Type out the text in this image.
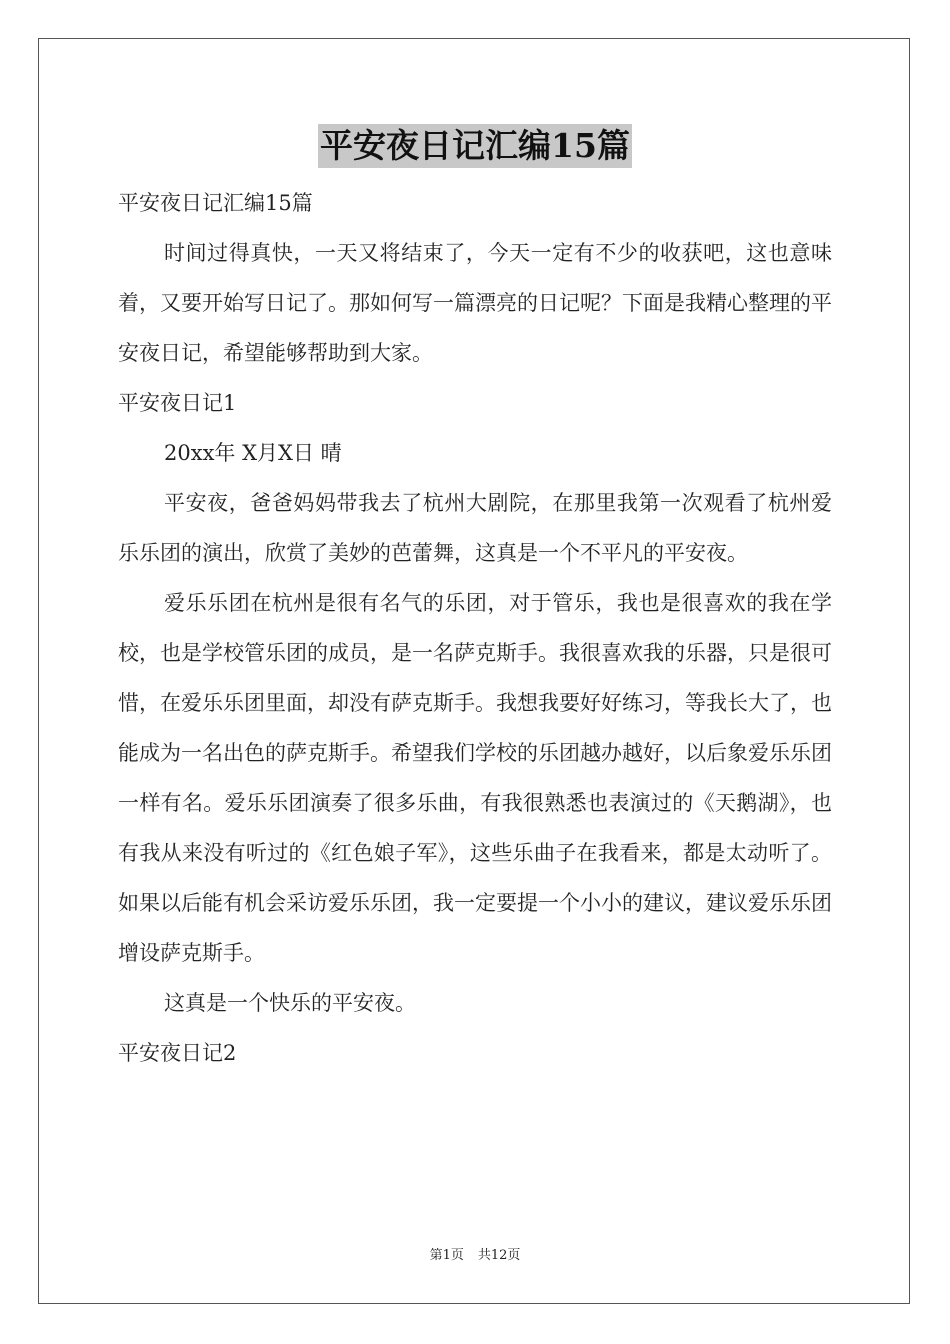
平安夜日记汇编15篇

平安夜日记汇编15篇

时间过得真快，一天又将结束了，今天一定有不少的收获吧，这也意味着，又要开始写日记了。那如何写一篇漂亮的日记呢？下面是我精心整理的平安夜日记，希望能够帮助到大家。

平安夜日记1

20xx年 X月X日 晴

平安夜，爸爸妈妈带我去了杭州大剧院，在那里我第一次观看了杭州爱乐乐团的演出，欣赏了美妙的芭蕾舞，这真是一个不平凡的平安夜。

爱乐乐团在杭州是很有名气的乐团，对于管乐，我也是很喜欢的我在学校，也是学校管乐团的成员，是一名萨克斯手。我很喜欢我的乐器，只是很可惜，在爱乐乐团里面，却没有萨克斯手。我想我要好好练习，等我长大了，也能成为一名出色的萨克斯手。希望我们学校的乐团越办越好，以后象爱乐乐团一样有名。爱乐乐团演奏了很多乐曲，有我很熟悉也表演过的《天鹅湖》，也有我从来没有听过的《红色娘子军》，这些乐曲子在我看来，都是太动听了。如果以后能有机会采访爱乐乐团，我一定要提一个小小的建议，建议爱乐乐团增设萨克斯手。

这真是一个快乐的平安夜。

平安夜日记2

第1页 共12页
